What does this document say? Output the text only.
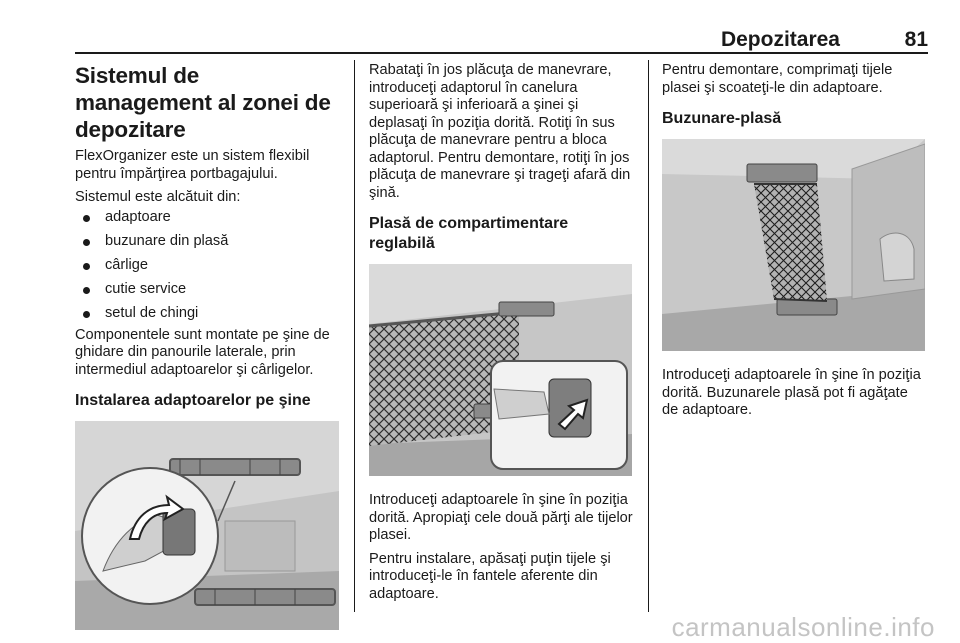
Depozitarea	81
Sistemul de management al zonei de depozitare

FlexOrganizer este un sistem flexibil pentru împărţirea portbagajului.

Sistemul este alcătuit din:

adaptoare
buzunare din plasă
cârlige
cutie service
setul de chingi

Componentele sunt montate pe şine de ghidare din panourile laterale, prin intermediul adaptoarelor şi cârligelor.

Instalarea adaptoarelor pe şine

Rabataţi în jos plăcuţa de manevrare, introduceţi adaptorul în canelura superioară şi inferioară a şinei şi deplasaţi în poziţia dorită. Rotiţi în sus plăcuţa de manevrare pentru a bloca adaptorul. Pentru demontare, rotiţi în jos plăcuţa de manevrare şi trageţi afară din şină.

Plasă de compartimentare reglabilă

Introduceţi adaptoarele în şine în poziţia dorită. Apropiaţi cele două părţi ale tijelor plasei.

Pentru instalare, apăsaţi puţin tijele şi introduceţi-le în fantele aferente din adaptoare.

Pentru demontare, comprimaţi tijele plasei şi scoateţi-le din adaptoare.

Buzunare-plasă

Introduceţi adaptoarele în şine în poziţia dorită. Buzunarele plasă pot fi agăţate de adaptoare.

carmanualsonline.info
